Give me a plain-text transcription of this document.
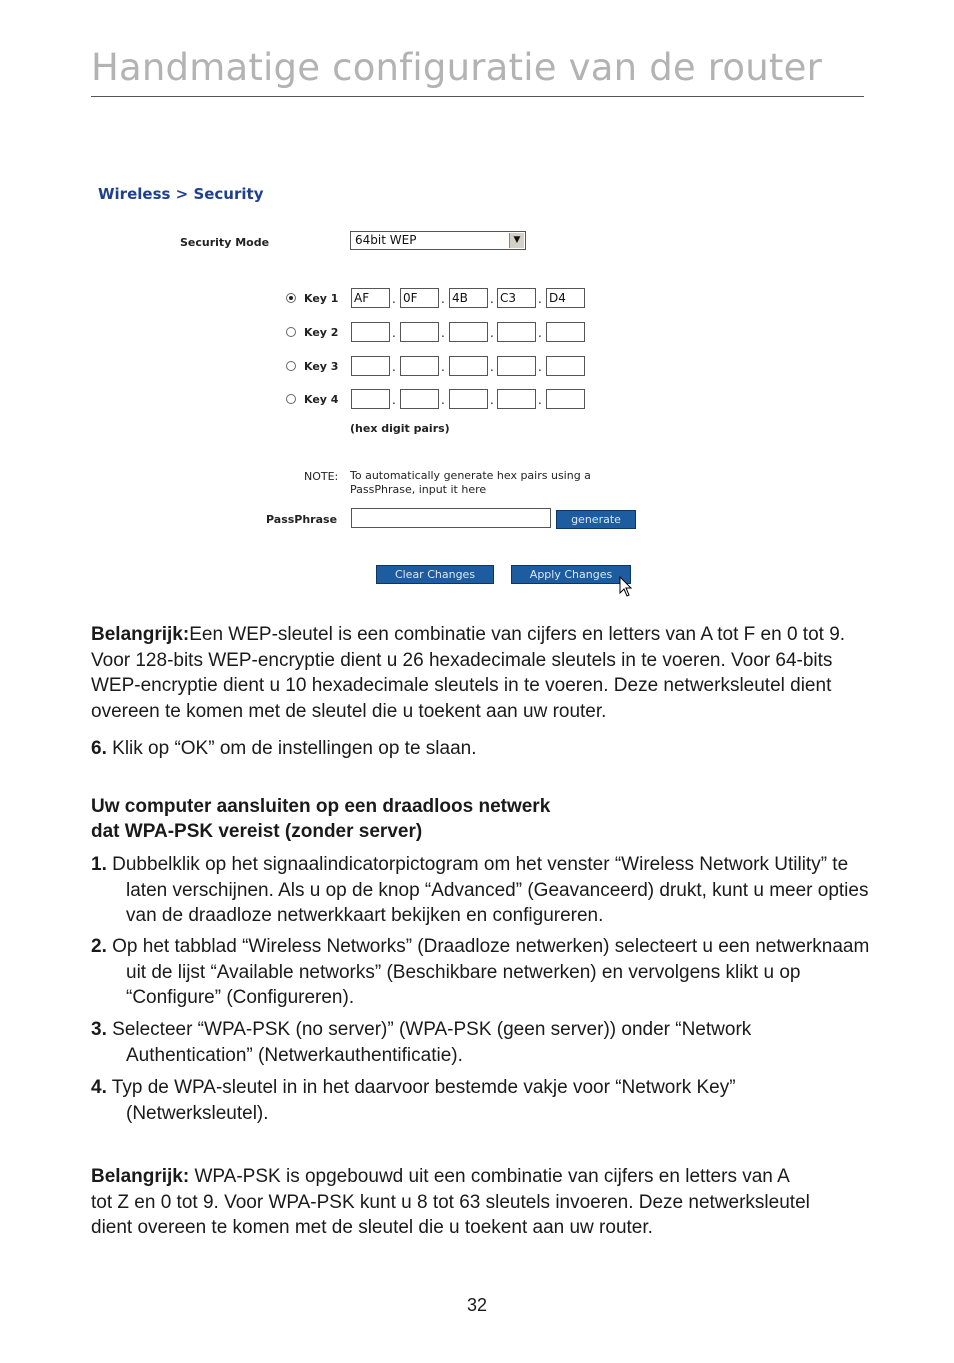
Handmatige configuratie van de router
Wireless > Security
Security Mode	64bit WEP	▼
Key 1 AF	. 0F	. 4B	. C3	. D4
Key 2	.	.	.	.
Key 3	.	.	.	.
Key 4	.	.	.	.
(hex digit pairs)
NOTE: To automatically generate hex pairs using a PassPhrase, input it here
PassPhrase	generate
Clear Changes	Apply Changes
Belangrijk:Een WEP-sleutel is een combinatie van cijfers en letters van A tot F en 0 tot 9. Voor 128-bits WEP-encryptie dient u 26 hexadecimale sleutels in te voeren. Voor 64-bits WEP-encryptie dient u 10 hexadecimale sleutels in te voeren. Deze netwerksleutel dient overeen te komen met de sleutel die u toekent aan uw router.
6. Klik op “OK” om de instellingen op te slaan.
Uw computer aansluiten op een draadloos netwerk
dat WPA-PSK vereist (zonder server)
1. Dubbelklik op het signaalindicatorpictogram om het venster “Wireless Network Utility” te laten verschijnen. Als u op de knop “Advanced” (Geavanceerd) drukt, kunt u meer opties van de draadloze netwerkkaart bekijken en configureren.
2. Op het tabblad “Wireless Networks” (Draadloze netwerken) selecteert u een netwerknaam uit de lijst “Available networks” (Beschikbare netwerken) en vervolgens klikt u op “Configure” (Configureren).
3. Selecteer “WPA-PSK (no server)” (WPA-PSK (geen server)) onder “Network Authentication” (Netwerkauthentificatie).
4. Typ de WPA-sleutel in in het daarvoor bestemde vakje voor “Network Key” (Netwerksleutel).
Belangrijk: WPA-PSK is opgebouwd uit een combinatie van cijfers en letters van A tot Z en 0 tot 9. Voor WPA-PSK kunt u 8 tot 63 sleutels invoeren. Deze netwerksleutel dient overeen te komen met de sleutel die u toekent aan uw router.
32
